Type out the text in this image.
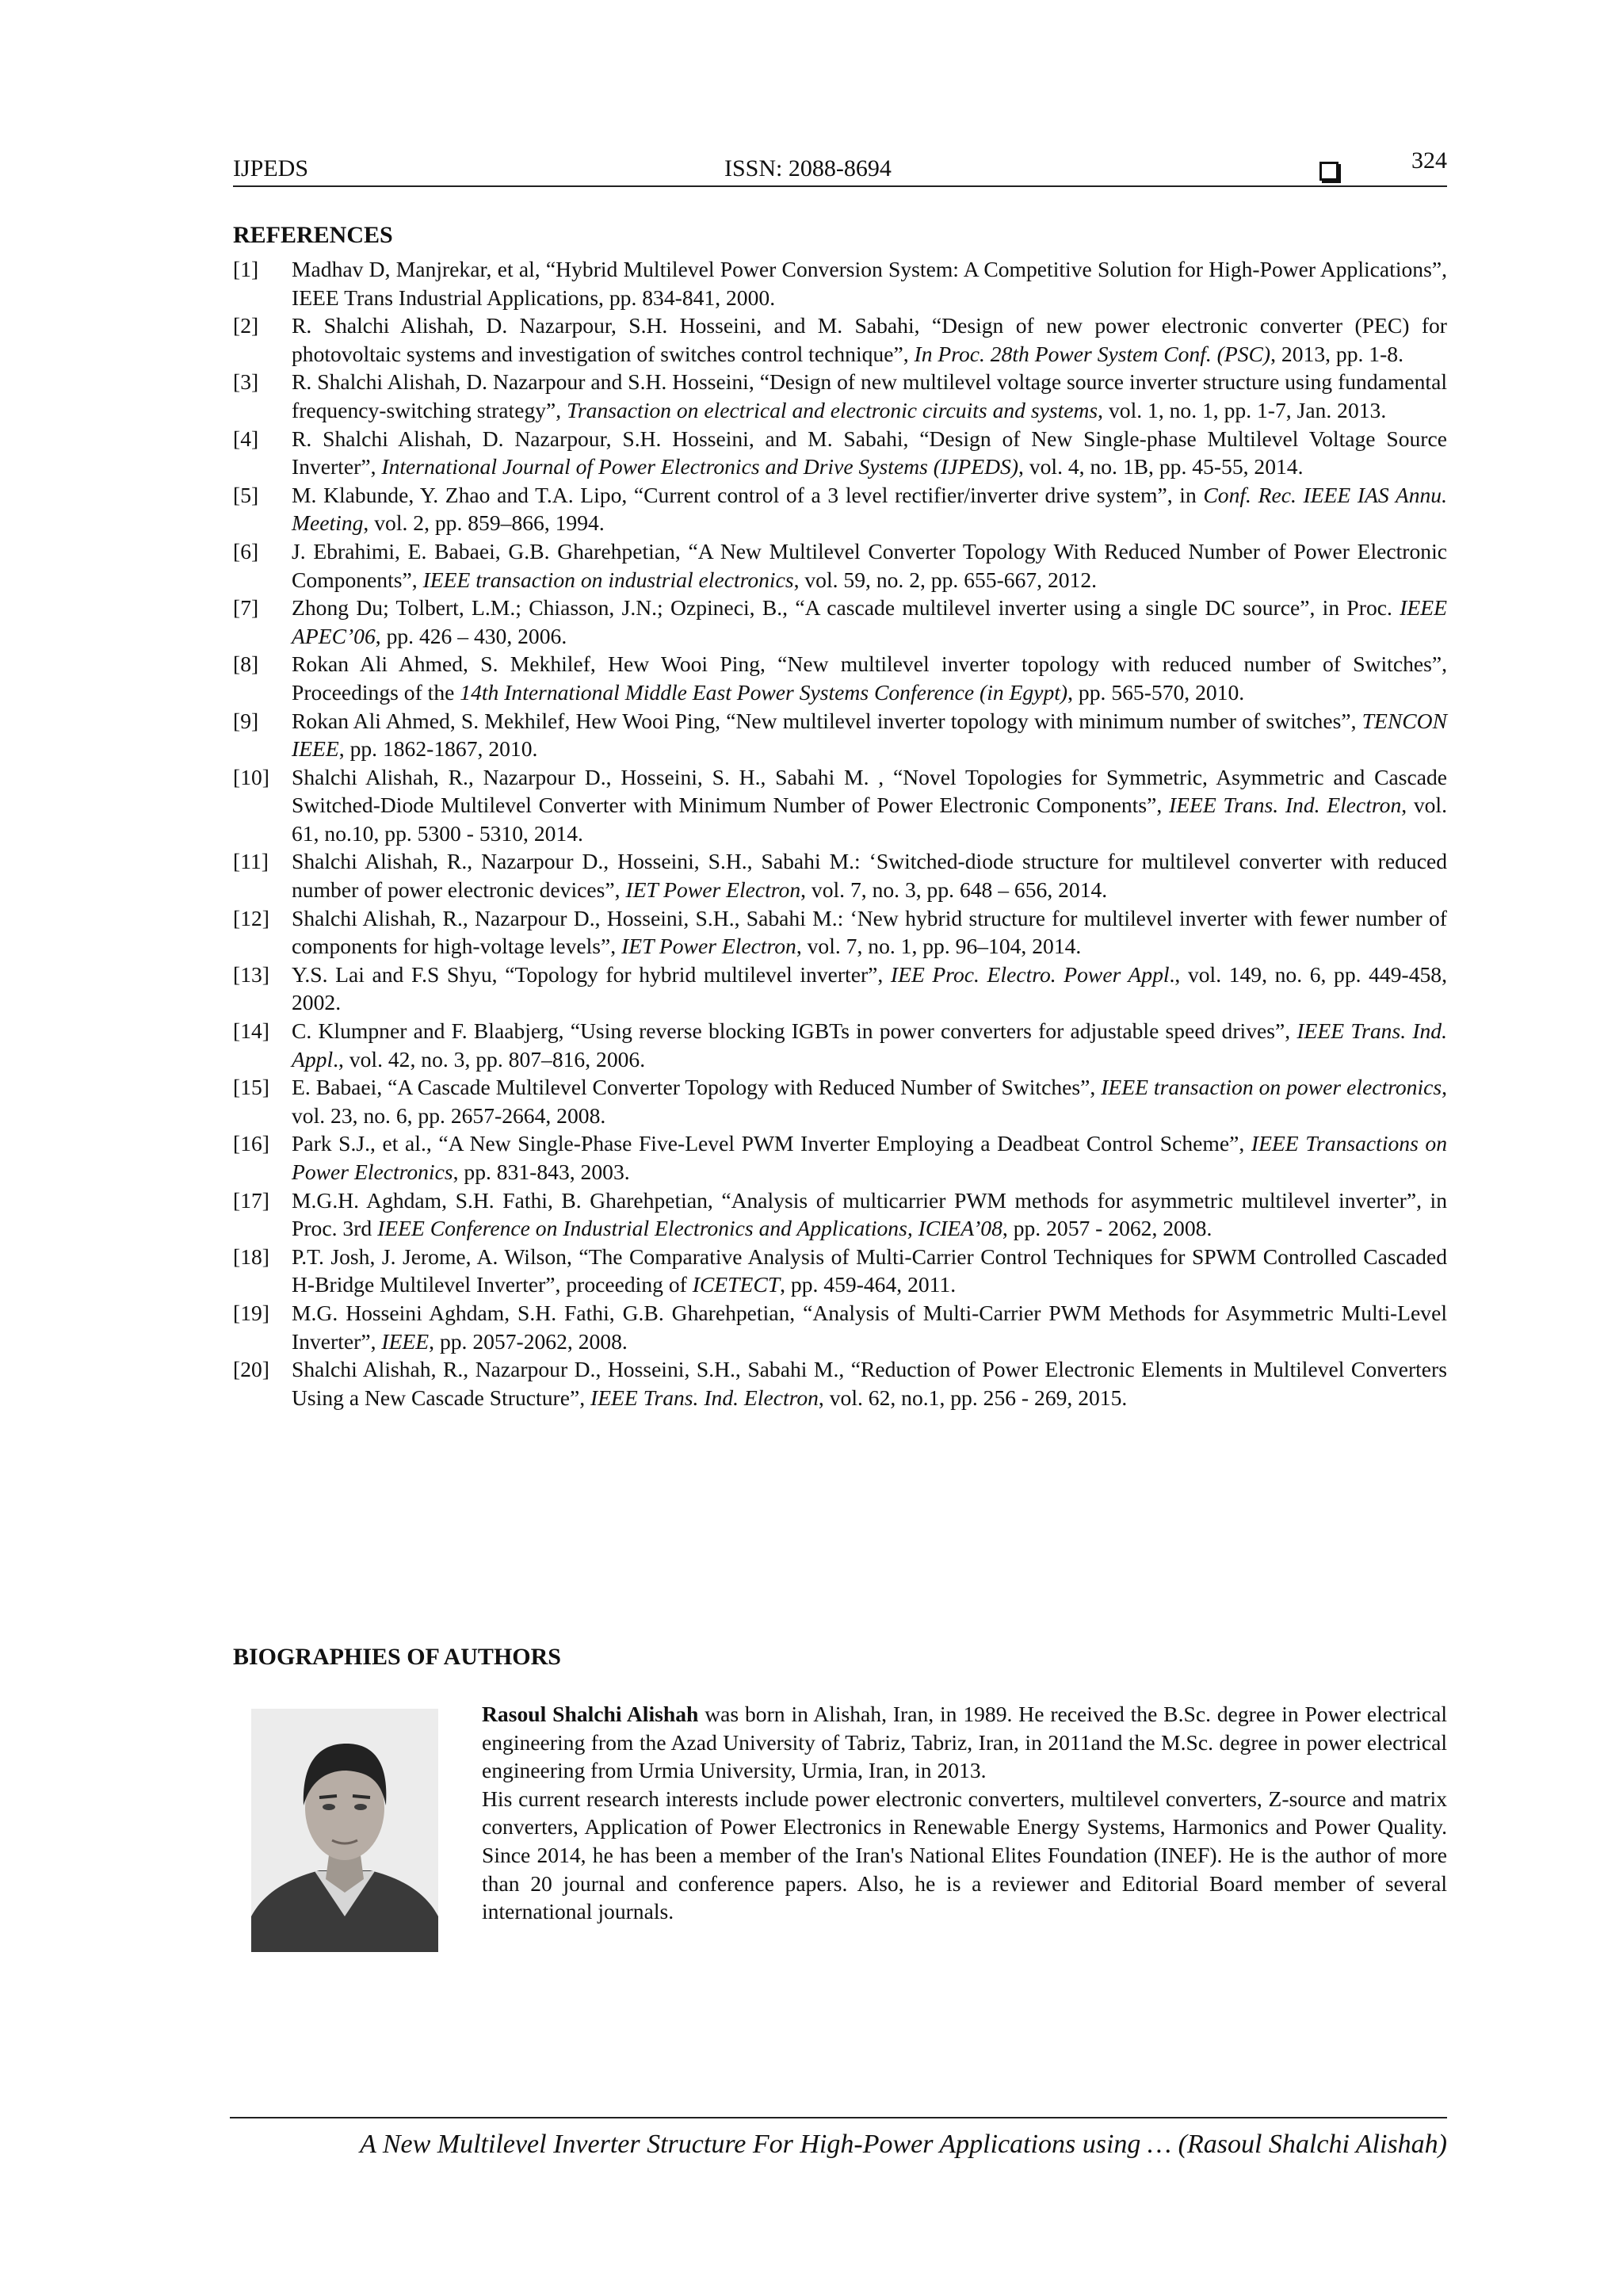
IJPEDS	ISSN: 2088-8694	324
REFERENCES
[1] Madhav D, Manjrekar, et al, “Hybrid Multilevel Power Conversion System: A Competitive Solution for High-Power Applications”, IEEE Trans Industrial Applications, pp. 834-841, 2000.
[2] R. Shalchi Alishah, D. Nazarpour, S.H. Hosseini, and M. Sabahi, “Design of new power electronic converter (PEC) for photovoltaic systems and investigation of switches control technique”, In Proc. 28th Power System Conf. (PSC), 2013, pp. 1-8.
[3] R. Shalchi Alishah, D. Nazarpour and S.H. Hosseini, “Design of new multilevel voltage source inverter structure using fundamental frequency-switching strategy”, Transaction on electrical and electronic circuits and systems, vol. 1, no. 1, pp. 1-7, Jan. 2013.
[4] R. Shalchi Alishah, D. Nazarpour, S.H. Hosseini, and M. Sabahi, “Design of New Single-phase Multilevel Voltage Source Inverter”, International Journal of Power Electronics and Drive Systems (IJPEDS), vol. 4, no. 1B, pp. 45-55, 2014.
[5] M. Klabunde, Y. Zhao and T.A. Lipo, “Current control of a 3 level rectifier/inverter drive system”, in Conf. Rec. IEEE IAS Annu. Meeting, vol. 2, pp. 859–866, 1994.
[6] J. Ebrahimi, E. Babaei, G.B. Gharehpetian, “A New Multilevel Converter Topology With Reduced Number of Power Electronic Components”, IEEE transaction on industrial electronics, vol. 59, no. 2, pp. 655-667, 2012.
[7] Zhong Du; Tolbert, L.M.; Chiasson, J.N.; Ozpineci, B., “A cascade multilevel inverter using a single DC source”, in Proc. IEEE APEC’06, pp. 426 – 430, 2006.
[8] Rokan Ali Ahmed, S. Mekhilef, Hew Wooi Ping, “New multilevel inverter topology with reduced number of Switches”, Proceedings of the 14th International Middle East Power Systems Conference (in Egypt), pp. 565-570, 2010.
[9] Rokan Ali Ahmed, S. Mekhilef, Hew Wooi Ping, “New multilevel inverter topology with minimum number of switches”, TENCON IEEE, pp. 1862-1867, 2010.
[10] Shalchi Alishah, R., Nazarpour D., Hosseini, S. H., Sabahi M. , “Novel Topologies for Symmetric, Asymmetric and Cascade Switched-Diode Multilevel Converter with Minimum Number of Power Electronic Components”, IEEE Trans. Ind. Electron, vol. 61, no.10, pp. 5300 - 5310, 2014.
[11] Shalchi Alishah, R., Nazarpour D., Hosseini, S.H., Sabahi M.: ‘Switched-diode structure for multilevel converter with reduced number of power electronic devices”, IET Power Electron, vol. 7, no. 3, pp. 648 – 656, 2014.
[12] Shalchi Alishah, R., Nazarpour D., Hosseini, S.H., Sabahi M.: ‘New hybrid structure for multilevel inverter with fewer number of components for high-voltage levels”, IET Power Electron, vol. 7, no. 1, pp. 96–104, 2014.
[13] Y.S. Lai and F.S Shyu, “Topology for hybrid multilevel inverter”, IEE Proc. Electro. Power Appl., vol. 149, no. 6, pp. 449-458, 2002.
[14] C. Klumpner and F. Blaabjerg, “Using reverse blocking IGBTs in power converters for adjustable speed drives”, IEEE Trans. Ind. Appl., vol. 42, no. 3, pp. 807–816, 2006.
[15] E. Babaei, “A Cascade Multilevel Converter Topology with Reduced Number of Switches”, IEEE transaction on power electronics, vol. 23, no. 6, pp. 2657-2664, 2008.
[16] Park S.J., et al., “A New Single-Phase Five-Level PWM Inverter Employing a Deadbeat Control Scheme”, IEEE Transactions on Power Electronics, pp. 831-843, 2003.
[17] M.G.H. Aghdam, S.H. Fathi, B. Gharehpetian, “Analysis of multicarrier PWM methods for asymmetric multilevel inverter”, in Proc. 3rd IEEE Conference on Industrial Electronics and Applications, ICIEA’08, pp. 2057 - 2062, 2008.
[18] P.T. Josh, J. Jerome, A. Wilson, “The Comparative Analysis of Multi-Carrier Control Techniques for SPWM Controlled Cascaded H-Bridge Multilevel Inverter”, proceeding of ICETECT, pp. 459-464, 2011.
[19] M.G. Hosseini Aghdam, S.H. Fathi, G.B. Gharehpetian, “Analysis of Multi-Carrier PWM Methods for Asymmetric Multi-Level Inverter”, IEEE, pp. 2057-2062, 2008.
[20] Shalchi Alishah, R., Nazarpour D., Hosseini, S.H., Sabahi M., “Reduction of Power Electronic Elements in Multilevel Converters Using a New Cascade Structure”, IEEE Trans. Ind. Electron, vol. 62, no.1, pp. 256 - 269, 2015.
BIOGRAPHIES OF AUTHORS
Rasoul Shalchi Alishah was born in Alishah, Iran, in 1989. He received the B.Sc. degree in Power electrical engineering from the Azad University of Tabriz, Tabriz, Iran, in 2011and the M.Sc. degree in power electrical engineering from Urmia University, Urmia, Iran, in 2013.
His current research interests include power electronic converters, multilevel converters, Z-source and matrix converters, Application of Power Electronics in Renewable Energy Systems, Harmonics and Power Quality. Since 2014, he has been a member of the Iran's National Elites Foundation (INEF). He is the author of more than 20 journal and conference papers. Also, he is a reviewer and Editorial Board member of several international journals.
A New Multilevel Inverter Structure For High-Power Applications using … (Rasoul Shalchi Alishah)
